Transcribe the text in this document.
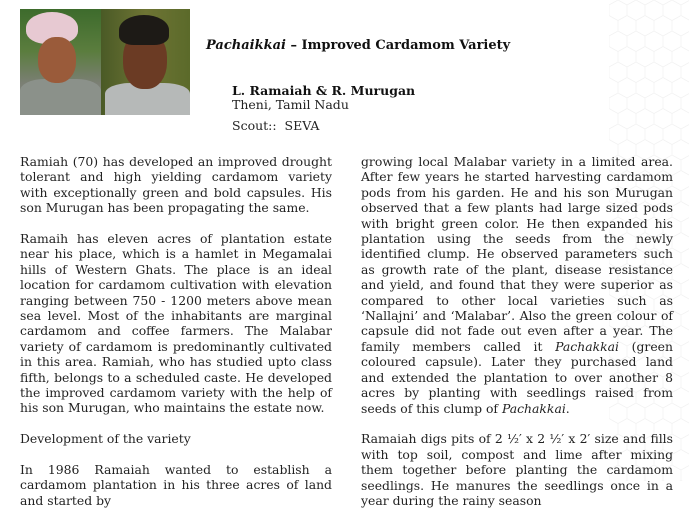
Pachaikkai – Improved Cardamom Variety
L. Ramaiah & R. Murugan
Theni, Tamil Nadu
Scout::  SEVA

Ramiah (70) has developed an improved drought tolerant and high yielding cardamom variety with exceptionally green and bold capsules. His son Murugan has been propagating the same.

Ramaih has eleven acres of plantation estate near his place, which is a hamlet in Megamalai hills of Western Ghats. The place is an ideal location for cardamom cultivation with elevation ranging between 750 - 1200 meters above mean sea level. Most of the inhabitants are marginal cardamom and coffee farmers. The Malabar variety of cardamom is predominantly cultivated in this area. Ramiah, who has studied upto class fifth, belongs to a scheduled caste. He developed the improved cardamom variety with the help of his son Murugan, who maintains the estate now.

Development of the variety

In 1986 Ramaiah wanted to establish a cardamom plantation in his three acres of land and started by

growing local Malabar variety in a limited area. After few years he started harvesting cardamom pods from his garden. He and his son Murugan observed that a few plants had large sized pods with bright green color. He then expanded his plantation using the seeds from the newly identified clump. He observed parameters such as growth rate of the plant, disease resistance and yield, and found that they were superior as compared to other local varieties such as ‘Nallajni’ and ‘Malabar’. Also the green colour of capsule did not fade out even after a year. The family members called it Pachakkai (green coloured capsule). Later they purchased land and extended the plantation to over another 8 acres by planting with seedlings raised from seeds of this clump of Pachakkai.

Ramaiah digs pits of 2 ½′ x 2 ½′ x 2′ size and fills with top soil, compost and lime after mixing them together before planting the cardamom seedlings. He manures the seedlings once in a year during the rainy season
